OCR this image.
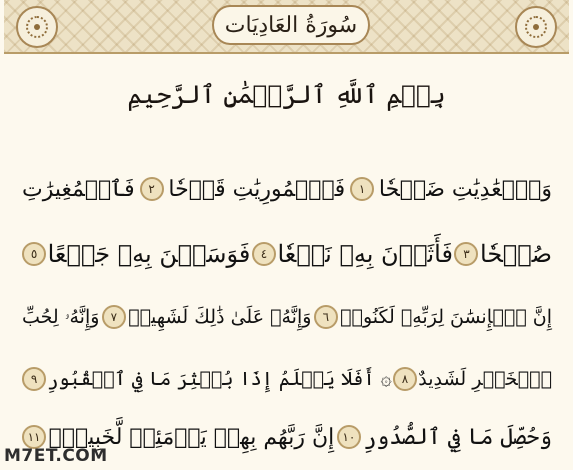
سُورَةُ العَادِيَات
بِسۡمِ ٱللَّهِ ٱلرَّحۡمَٰنِ ٱلرَّحِيمِ
وَٱلۡعَٰدِيَٰتِ ضَبۡحٗا
١
فَٱلۡمُورِيَٰتِ قَدۡحٗا
٢
فَٱلۡمُغِيرَٰتِ
صُبۡحٗا
٣
فَأَثَرۡنَ بِهِۦ نَقۡعٗا
٤
فَوَسَطۡنَ بِهِۦ جَمۡعًا
٥
إِنَّ ٱلۡإِنسَٰنَ لِرَبِّهِۦ لَكَنُودٞ
٦
وَإِنَّهُۥ عَلَىٰ ذَٰلِكَ لَشَهِيدٞ
٧
وَإِنَّهُۥ لِحُبِّ
ٱلۡخَيۡرِ لَشَدِيدٌ
٨
۞ أَفَلَا يَعۡلَمُ إِذَا بُعۡثِرَ مَا فِي ٱلۡقُبُورِ
٩
وَحُصِّلَ مَا فِي ٱلصُّدُورِ
١٠
إِنَّ رَبَّهُم بِهِمۡ يَوۡمَئِذٖ لَّخَبِيرُۢ
١١
M7ET.COM
